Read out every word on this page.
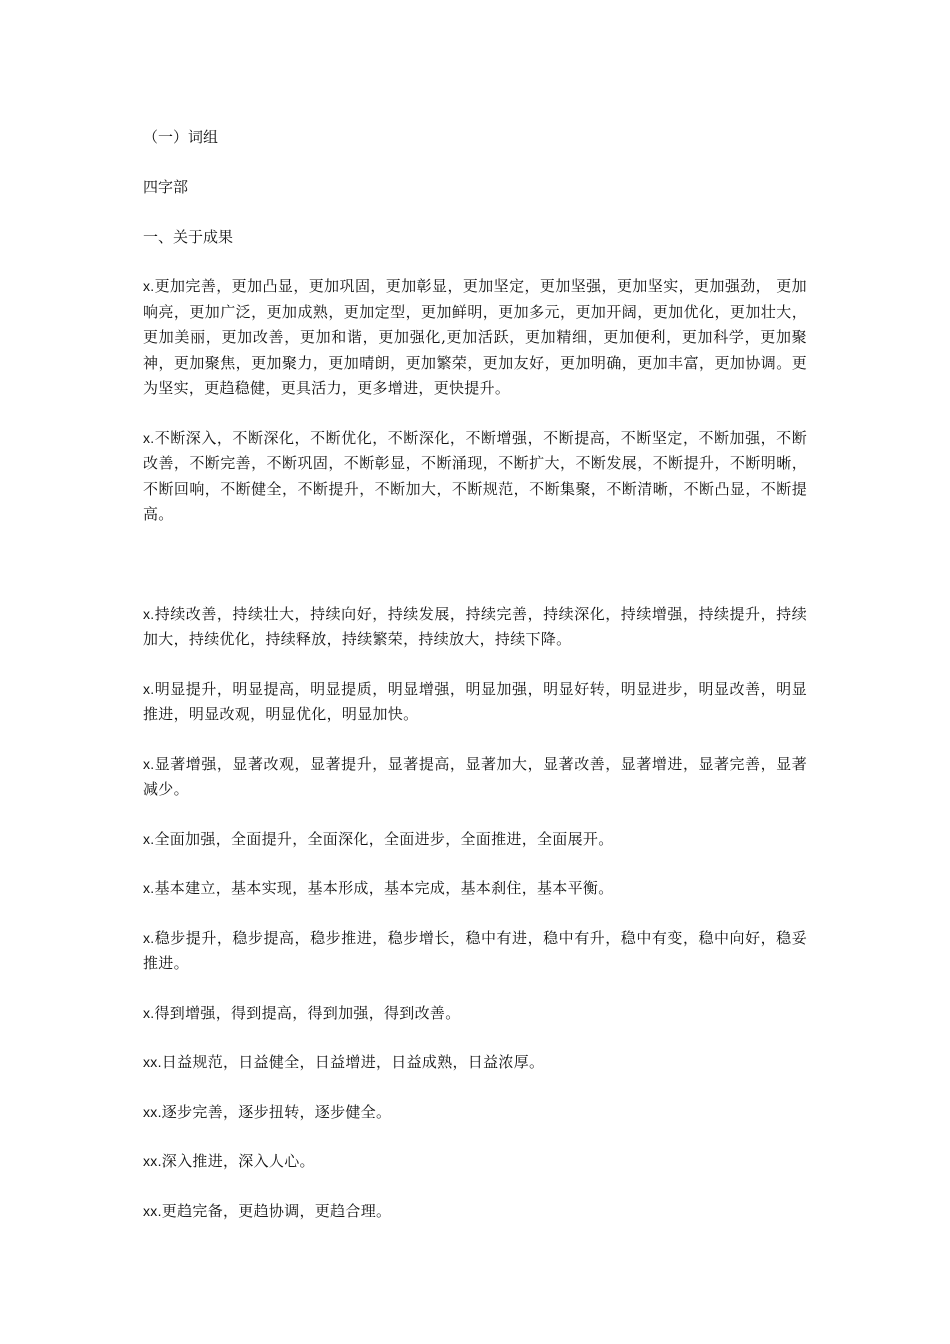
（一）词组
四字部
一、关于成果

x.更加完善，更加凸显，更加巩固，更加彰显，更加坚定，更加坚强，更加坚实，更加强劲， 更加响亮，更加广泛，更加成熟，更加定型，更加鲜明，更加多元，更加开阔，更加优化，更加壮大，更加美丽，更加改善，更加和谐，更加强化,更加活跃，更加精细，更加便利，更加科学，更加聚神，更加聚焦，更加聚力，更加晴朗，更加繁荣，更加友好，更加明确，更加丰富，更加协调。更为坚实，更趋稳健，更具活力，更多增进，更快提升。

x.不断深入，不断深化，不断优化，不断深化，不断增强，不断提高，不断坚定，不断加强，不断改善，不断完善，不断巩固，不断彰显，不断涌现，不断扩大，不断发展，不断提升，不断明晰，不断回响，不断健全，不断提升，不断加大，不断规范，不断集聚，不断清晰，不断凸显，不断提高。

x.持续改善，持续壮大，持续向好，持续发展，持续完善，持续深化，持续增强，持续提升，持续加大，持续优化，持续释放，持续繁荣，持续放大，持续下降。

x.明显提升，明显提高，明显提质，明显增强，明显加强，明显好转，明显进步，明显改善，明显推进，明显改观，明显优化，明显加快。

x.显著增强，显著改观，显著提升，显著提高，显著加大，显著改善，显著增进，显著完善，显著减少。

x.全面加强，全面提升，全面深化，全面进步，全面推进，全面展开。

x.基本建立，基本实现，基本形成，基本完成，基本刹住，基本平衡。

x.稳步提升，稳步提高，稳步推进，稳步增长，稳中有进，稳中有升，稳中有变，稳中向好，稳妥推进。

x.得到增强，得到提高，得到加强，得到改善。

xx.日益规范，日益健全，日益增进，日益成熟，日益浓厚。

xx.逐步完善，逐步扭转，逐步健全。

xx.深入推进，深入人心。

xx.更趋完备，更趋协调，更趋合理。
